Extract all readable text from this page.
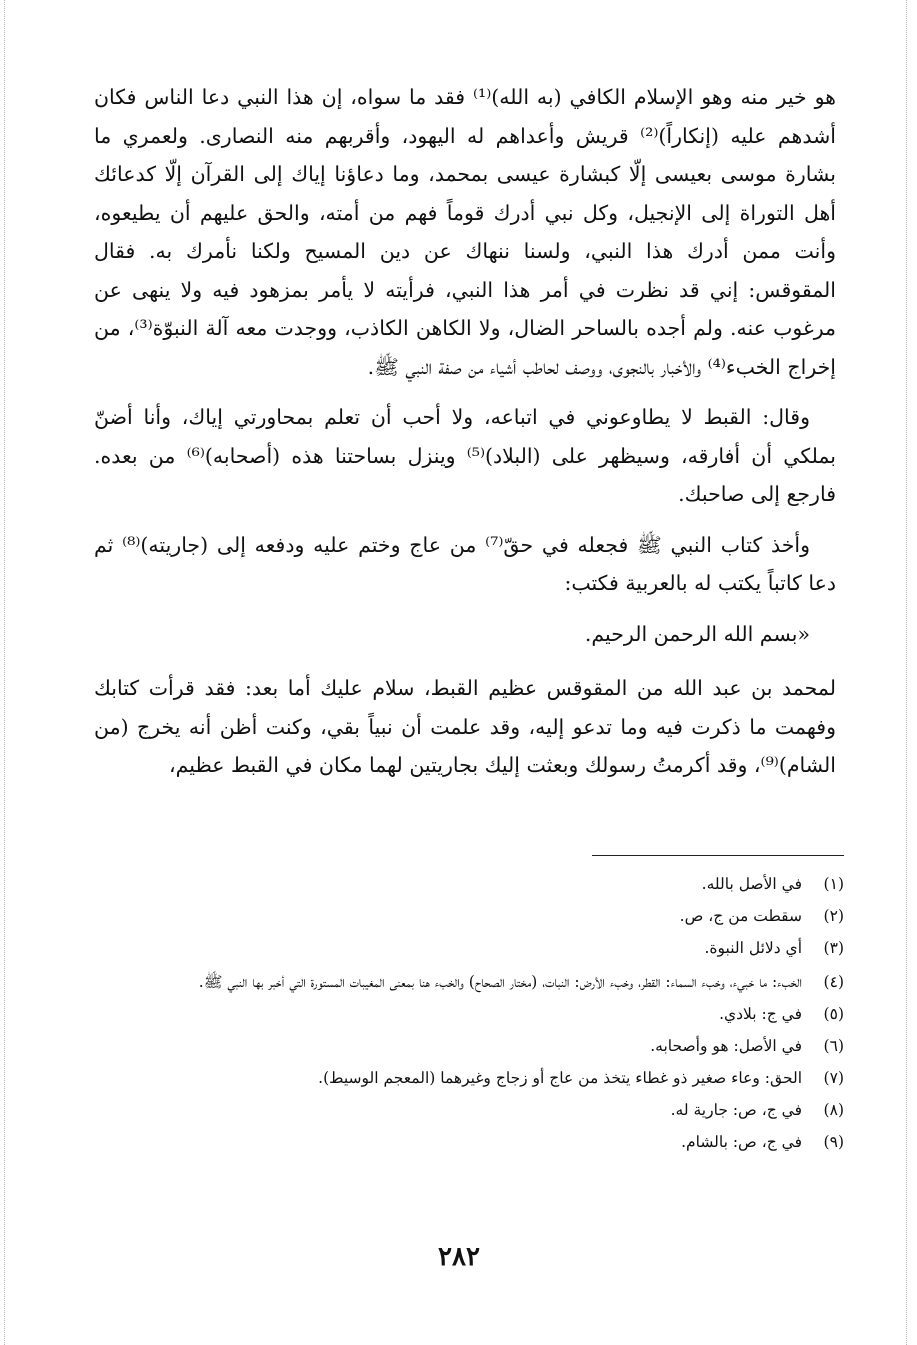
هو خير منه وهو الإسلام الكافي (به الله)⁽¹⁾ فقد ما سواه، إن هذا النبي دعا الناس فكان أشدهم عليه (إنكاراً)⁽²⁾ قريش وأعداهم له اليهود، وأقربهم منه النصارى. ولعمري ما بشارة موسى بعيسى إلّا كبشارة عيسى بمحمد، وما دعاؤنا إياك إلى القرآن إلّا كدعائك أهل التوراة إلى الإنجيل، وكل نبي أدرك قوماً فهم من أمته، والحق عليهم أن يطيعوه، وأنت ممن أدرك هذا النبي، ولسنا ننهاك عن دين المسيح ولكنا نأمرك به. فقال المقوقس: إني قد نظرت في أمر هذا النبي، فرأيته لا يأمر بمزهود فيه ولا ينهى عن مرغوب عنه. ولم أجده بالساحر الضال، ولا الكاهن الكاذب، ووجدت معه آلة النبوّة⁽³⁾، من إخراج الخبء⁽⁴⁾ والأخبار بالنجوى، ووصف لحاطب أشياء من صفة النبي ﷺ.

وقال: القبط لا يطاوعوني في اتباعه، ولا أحب أن تعلم بمحاورتي إياك، وأنا أضنّ بملكي أن أفارقه، وسيظهر على (البلاد)⁽⁵⁾ وينزل بساحتنا هذه (أصحابه)⁽⁶⁾ من بعده. فارجع إلى صاحبك.

وأخذ كتاب النبي ﷺ فجعله في حقّ⁽⁷⁾ من عاج وختم عليه ودفعه إلى (جاريته)⁽⁸⁾ ثم دعا كاتباً يكتب له بالعربية فكتب:

«بسم الله الرحمن الرحيم.

لمحمد بن عبد الله من المقوقس عظيم القبط، سلام عليك أما بعد: فقد قرأت كتابك وفهمت ما ذكرت فيه وما تدعو إليه، وقد علمت أن نبياً بقي، وكنت أظن أنه يخرج (من الشام)⁽⁹⁾، وقد أكرمتُ رسولك وبعثت إليك بجاريتين لهما مكان في القبط عظيم،

(١)
في الأصل بالله.
(٢)
سقطت من ج، ص.
(٣)
أي دلائل النبوة.
(٤)
الخبء: ما خبيء، وخبء السماء: القطر، وخبء الأرض: النبات، (مختار الصحاح) والخبء هنا بمعنى المغيبات المستورة التي أخبر بها النبي ﷺ.
(٥)
في ج: بلادي.
(٦)
في الأصل: هو وأصحابه.
(٧)
الحق: وعاء صغير ذو غطاء يتخذ من عاج أو زجاج وغيرهما (المعجم الوسيط).
(٨)
في ج، ص: جارية له.
(٩)
في ج، ص: بالشام.
٢٨٢
